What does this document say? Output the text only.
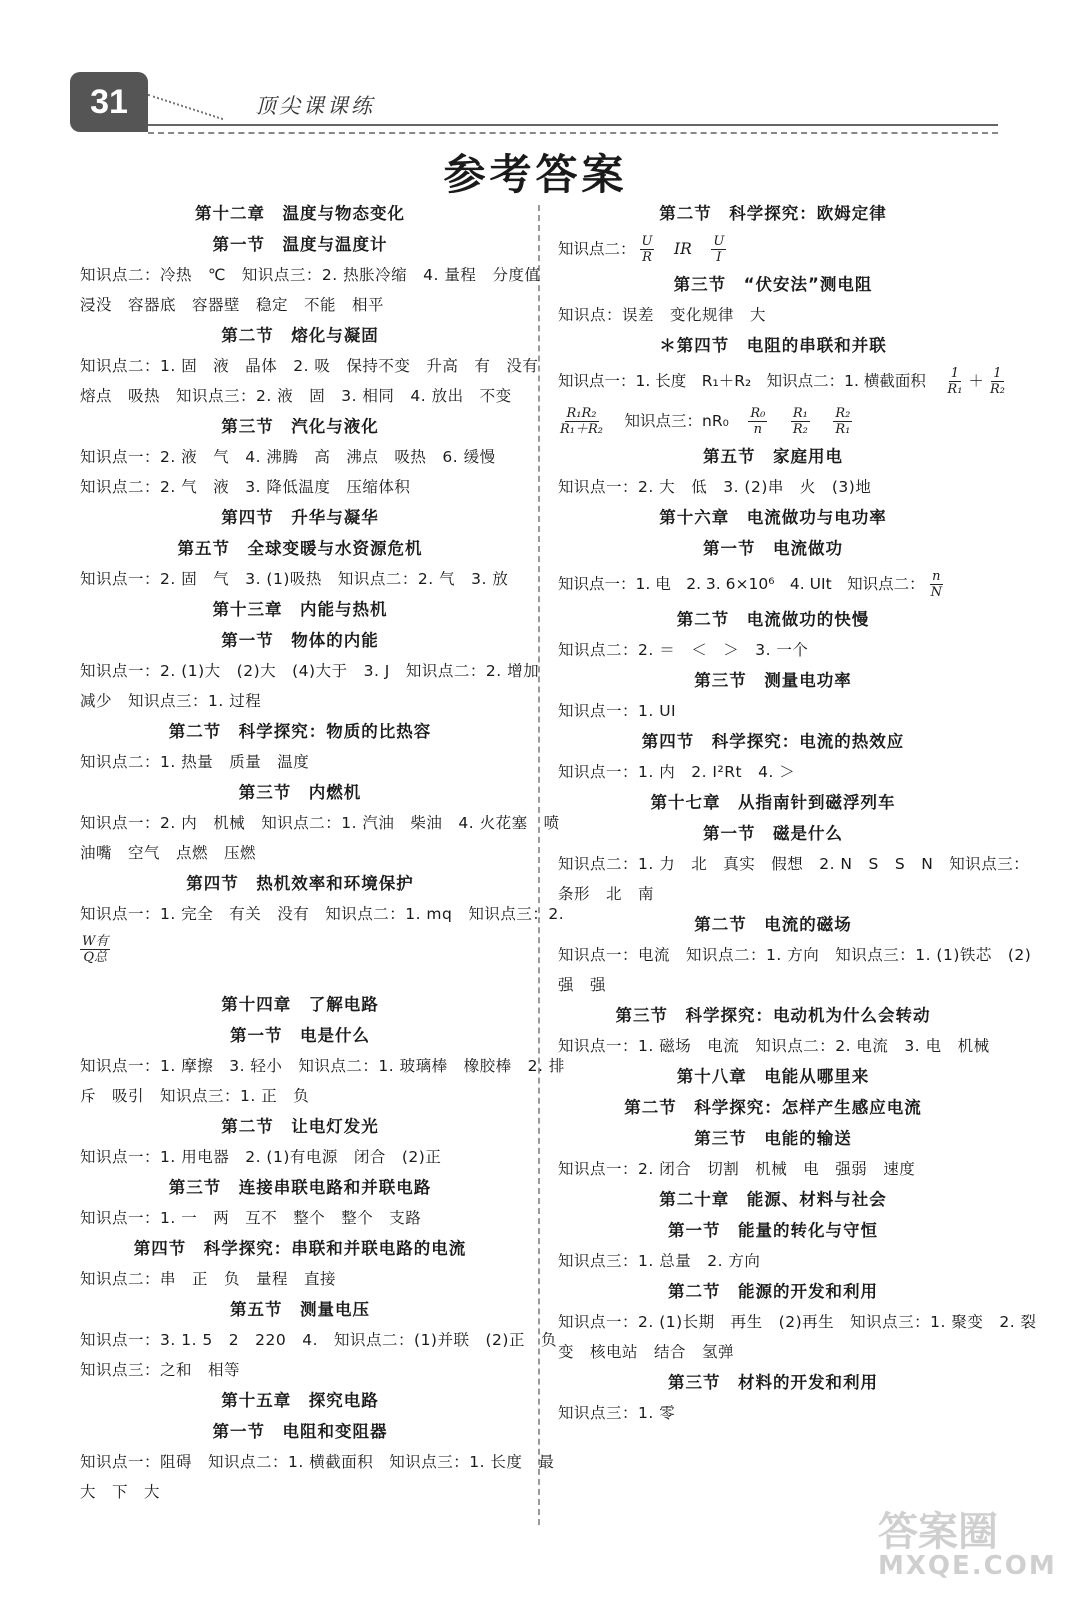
31	顶尖课课练
参考答案
第十二章　温度与物态变化
第一节　温度与温度计
知识点二：冷热　℃　知识点三：2. 热胀冷缩　4. 量程　分度值
浸没　容器底　容器壁　稳定　不能　相平
第二节　熔化与凝固
知识点二：1. 固　液　晶体　2. 吸　保持不变　升高　有　没有
熔点　吸热　知识点三：2. 液　固　3. 相同　4. 放出　不变
第三节　汽化与液化
知识点一：2. 液　气　4. 沸腾　高　沸点　吸热　6. 缓慢
知识点二：2. 气　液　3. 降低温度　压缩体积
第四节　升华与凝华
第五节　全球变暖与水资源危机
知识点一：2. 固　气　3. (1)吸热　知识点二：2. 气　3. 放
第十三章　内能与热机
第一节　物体的内能
知识点一：2. (1)大　(2)大　(4)大于　3. J　知识点二：2. 增加
减少　知识点三：1. 过程
第二节　科学探究：物质的比热容
知识点二：1. 热量　质量　温度
第三节　内燃机
知识点一：2. 内　机械　知识点二：1. 汽油　柴油　4. 火花塞　喷
油嘴　空气　点燃　压燃
第四节　热机效率和环境保护
知识点一：1. 完全　有关　没有　知识点二：1. mq　知识点三：2.
$\frac{\text{W有}}{\text{Q总}}$
第十四章　了解电路
第一节　电是什么
知识点一：1. 摩擦　3. 轻小　知识点二：1. 玻璃棒　橡胶棒　2. 排
斥　吸引　知识点三：1. 正　负
第二节　让电灯发光
知识点一：1. 用电器　2. (1)有电源　闭合　(2)正
第三节　连接串联电路和并联电路
知识点一：1. 一　两　互不　整个　整个　支路
第四节　科学探究：串联和并联电路的电流
知识点二：串　正　负　量程　直接
第五节　测量电压
知识点一：3. 1. 5　2　220　4.　知识点二：(1)并联　(2)正　负
知识点三：之和　相等
第十五章　探究电路
第一节　电阻和变阻器
知识点一：阻碍　知识点二：1. 横截面积　知识点三：1. 长度　最
大　下　大
第二节　科学探究：欧姆定律
知识点二： $\frac{U}{R}$
　 IR　 $\frac{U}{I}$
第三节　“伏安法”测电阻
知识点：误差　变化规律　大
＊第四节　电阻的串联和并联
知识点一：1. 长度　R₁＋R₂　知识点二：1. 横截面积　 $\frac{1}{\text{R₁}} + \frac{1}{\text{R₂}}$
$\frac{\text{R₁R₂}}{\text{R₁＋R₂}}$
　 知识点三：nR₀　 $\frac{\text{R₀}}{n}$
　 $\frac{\text{R₁}}{\text{R₂}}$
　 $\frac{\text{R₂}}{\text{R₁}}$
第五节　家庭用电
知识点一：2. 大　低　3. (2)串　火　(3)地
第十六章　电流做功与电功率
第一节　电流做功
知识点一：1. 电　2. 3. 6×10⁶　4. UIt　知识点二： $\frac{n}{N}$
第二节　电流做功的快慢
知识点二：2. ＝　＜　＞　3. 一个
第三节　测量电功率
知识点一：1. UI
第四节　科学探究：电流的热效应
知识点一：1. 内　2. I²Rt　4. ＞
第十七章　从指南针到磁浮列车
第一节　磁是什么
知识点二：1. 力　北　真实　假想　2. N　S　S　N　知识点三：
条形　北　南
第二节　电流的磁场
知识点一：电流　知识点二：1. 方向　知识点三：1. (1)铁芯　(2)
强　强
第三节　科学探究：电动机为什么会转动
知识点一：1. 磁场　电流　知识点二：2. 电流　3. 电　机械
第十八章　电能从哪里来
第二节　科学探究：怎样产生感应电流
第三节　电能的输送
知识点一：2. 闭合　切割　机械　电　强弱　速度
第二十章　能源、材料与社会
第一节　能量的转化与守恒
知识点三：1. 总量　2. 方向
第二节　能源的开发和利用
知识点一：2. (1)长期　再生　(2)再生　知识点三：1. 聚变　2. 裂
变　核电站　结合　氢弹
第三节　材料的开发和利用
知识点三：1. 零
答案圈
MXQE.COM
